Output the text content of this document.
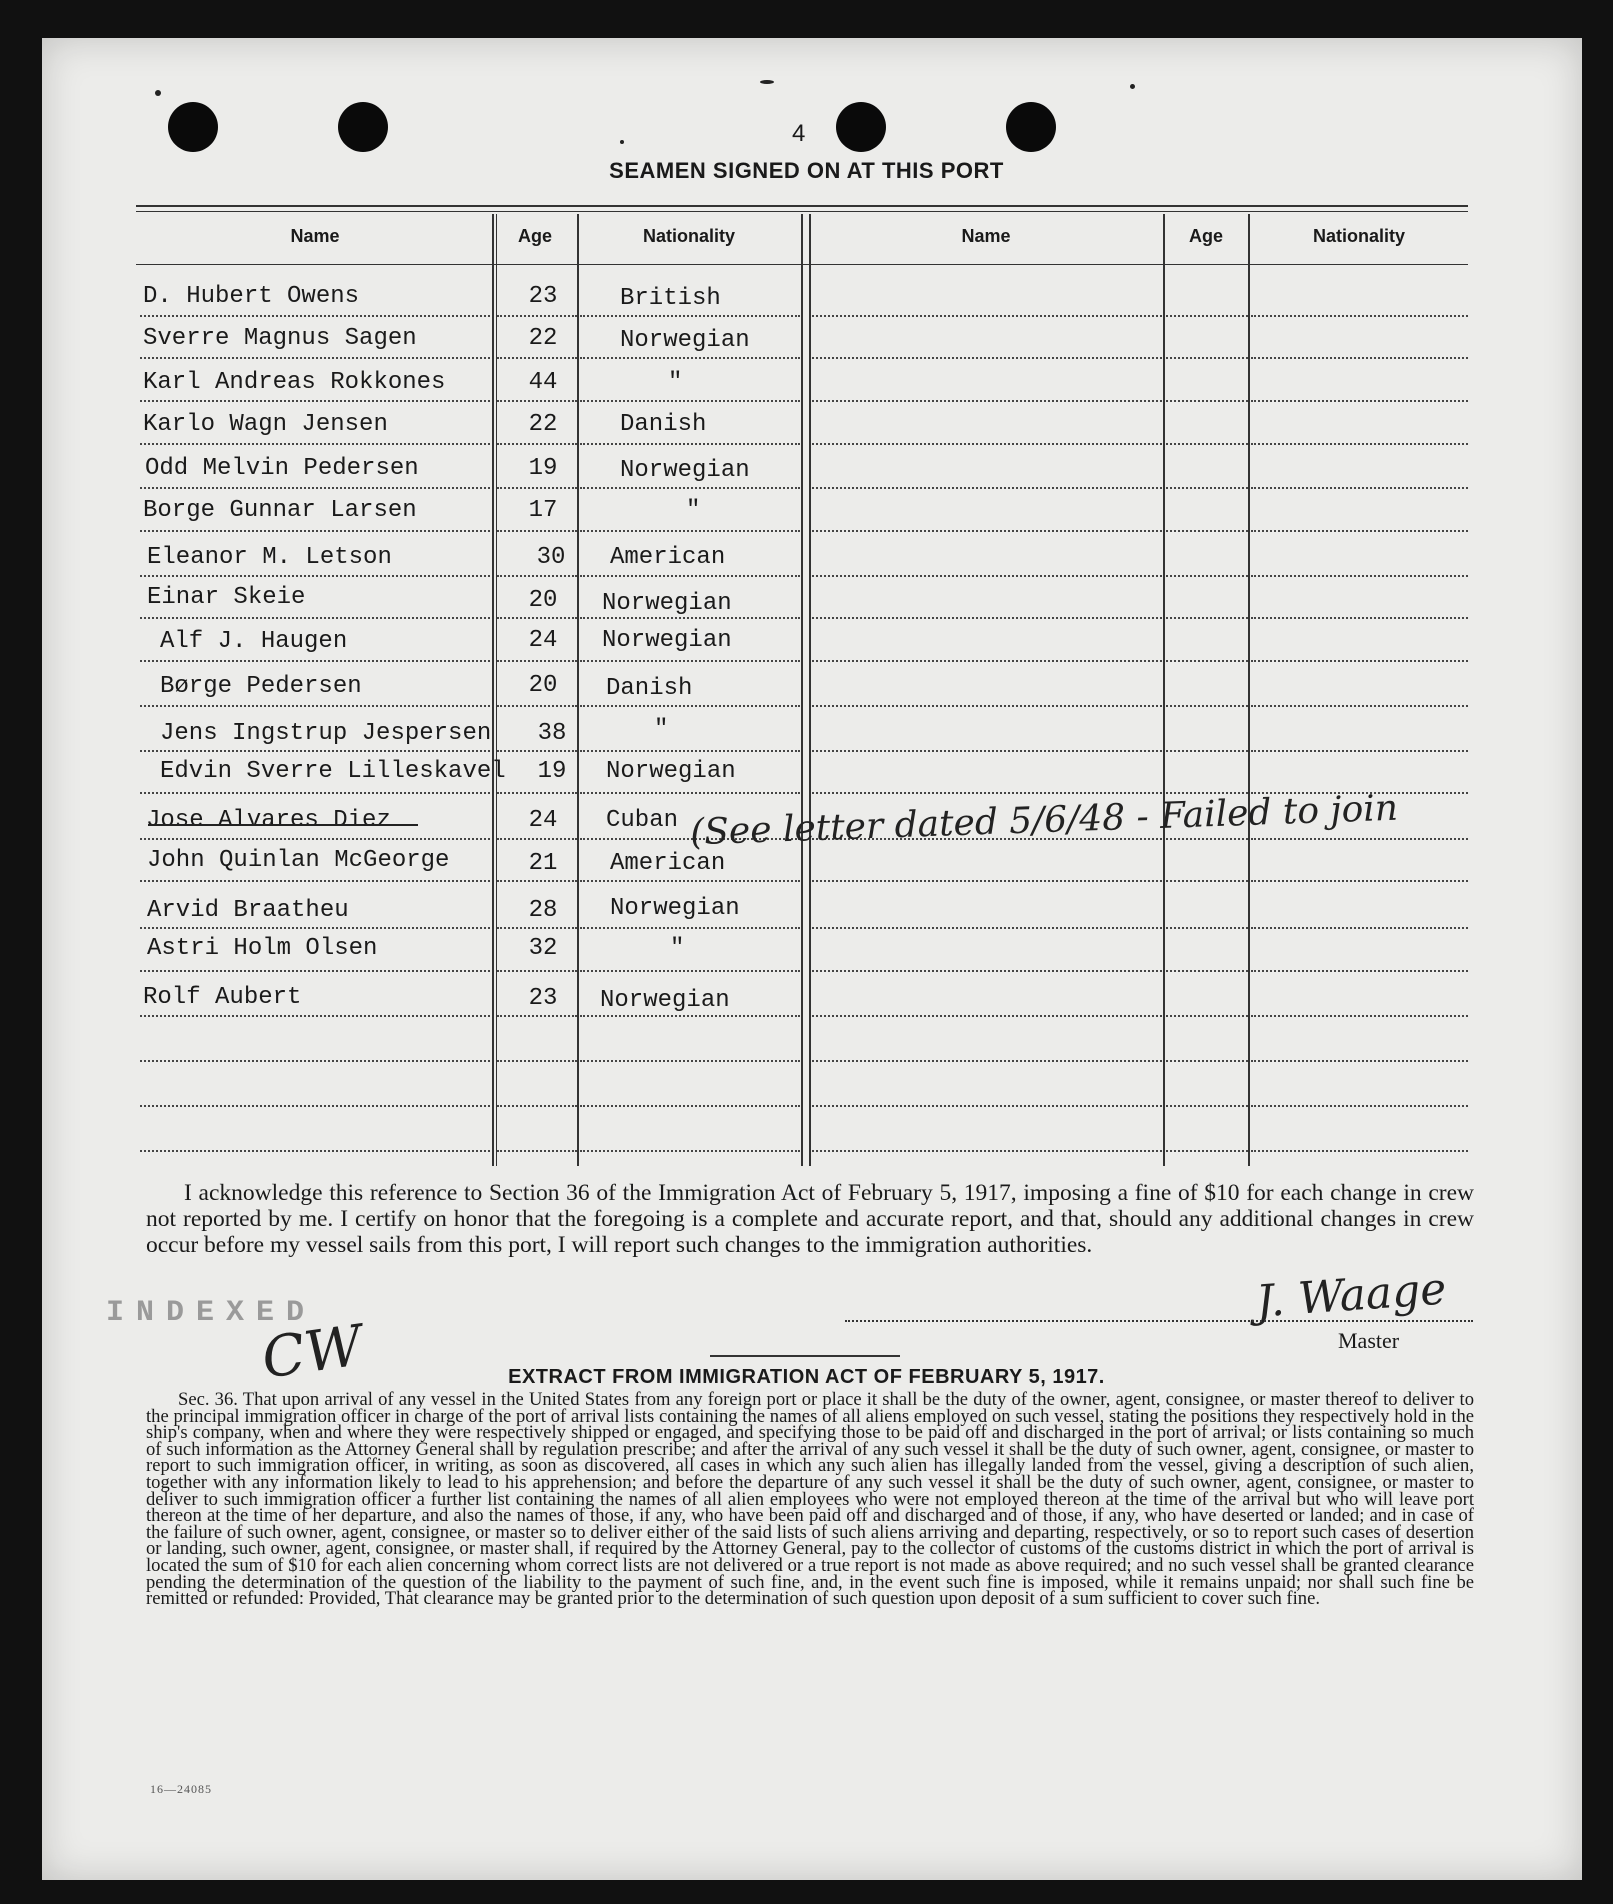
4
SEAMEN SIGNED ON AT THIS PORT
Name	Age	Nationality	Name	Age	Nationality
D. Hubert Owens	23	British
Sverre Magnus Sagen	22	Norwegian
Karl Andreas Rokkones	44	"
Karlo Wagn Jensen	22	Danish
Odd Melvin Pedersen	19	Norwegian
Borge Gunnar Larsen	17	"
Eleanor M. Letson	30	American
Einar Skeie	20	Norwegian
Alf J. Haugen	24	Norwegian
Børge Pedersen	20	Danish
Jens Ingstrup Jespersen	38	"
Edvin Sverre Lilleskavel	19	Norwegian
Jose Alvares Diez	24	Cuban
John Quinlan McGeorge	21	American
Arvid Braatheu	28	Norwegian
Astri Holm Olsen	32	"
Rolf Aubert	23	Norwegian
(See letter dated 5/6/48 - Failed to join
I acknowledge this reference to Section 36 of the Immigration Act of February 5, 1917, imposing a fine of $10 for each change in crew not reported by me. I certify on honor that the foregoing is a complete and accurate report, and that, should any additional changes in crew occur before my vessel sails from this port, I will report such changes to the immigration authorities.
INDEXED
CW
J. Waage
Master
EXTRACT FROM IMMIGRATION ACT OF FEBRUARY 5, 1917.
Sec. 36. That upon arrival of any vessel in the United States from any foreign port or place it shall be the duty of the owner, agent, consignee, or master thereof to deliver to the principal immigration officer in charge of the port of arrival lists containing the names of all aliens employed on such vessel, stating the positions they respectively hold in the ship's company, when and where they were respectively shipped or engaged, and specifying those to be paid off and discharged in the port of arrival; or lists containing so much of such information as the Attorney General shall by regulation prescribe; and after the arrival of any such vessel it shall be the duty of such owner, agent, consignee, or master to report to such immigration officer, in writing, as soon as discovered, all cases in which any such alien has illegally landed from the vessel, giving a description of such alien, together with any information likely to lead to his apprehension; and before the departure of any such vessel it shall be the duty of such owner, agent, consignee, or master to deliver to such immigration officer a further list containing the names of all alien employees who were not employed thereon at the time of the arrival but who will leave port thereon at the time of her departure, and also the names of those, if any, who have been paid off and discharged and of those, if any, who have deserted or landed; and in case of the failure of such owner, agent, consignee, or master so to deliver either of the said lists of such aliens arriving and departing, respectively, or so to report such cases of desertion or landing, such owner, agent, consignee, or master shall, if required by the Attorney General, pay to the collector of customs of the customs district in which the port of arrival is located the sum of $10 for each alien concerning whom correct lists are not delivered or a true report is not made as above required; and no such vessel shall be granted clearance pending the determination of the question of the liability to the payment of such fine, and, in the event such fine is imposed, while it remains unpaid; nor shall such fine be remitted or refunded: Provided, That clearance may be granted prior to the determination of such question upon deposit of a sum sufficient to cover such fine.
16—24085
